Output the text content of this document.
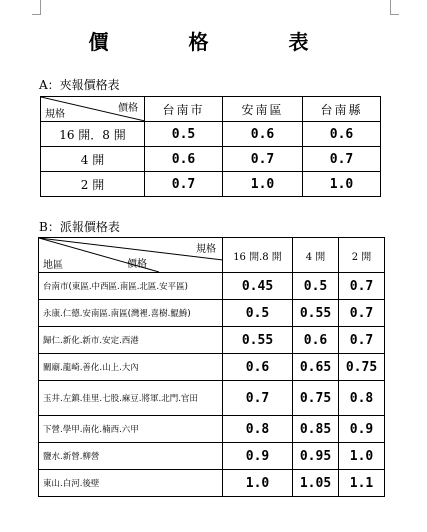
價　格　表
A：夾報價格表
價格
規格	台南市	安南區	台南縣
16 開．8 開	0.5	0.6	0.6
4 開	0.6	0.7	0.7
2 開	0.7	1.0	1.0
B：派報價格表
規格
價格
地區	16 開.8 開	4 開	2 開
台南市(東區.中西區.南區.北區.安平區)	0.45	0.5	0.7
永康.仁德.安南區.南區(灣裡.喜樹.鯤鯓)	0.5	0.55	0.7
歸仁.新化.新市.安定.西港	0.55	0.6	0.7
關廟.龍崎.善化.山上.大內	0.6	0.65	0.75
玉井.左鎮.佳里.七股.麻豆.將軍.北門.官田	0.7	0.75	0.8
下營.學甲.南化.楠西.六甲	0.8	0.85	0.9
鹽水.新營.柳營	0.9	0.95	1.0
東山.白河.後壁	1.0	1.05	1.1
